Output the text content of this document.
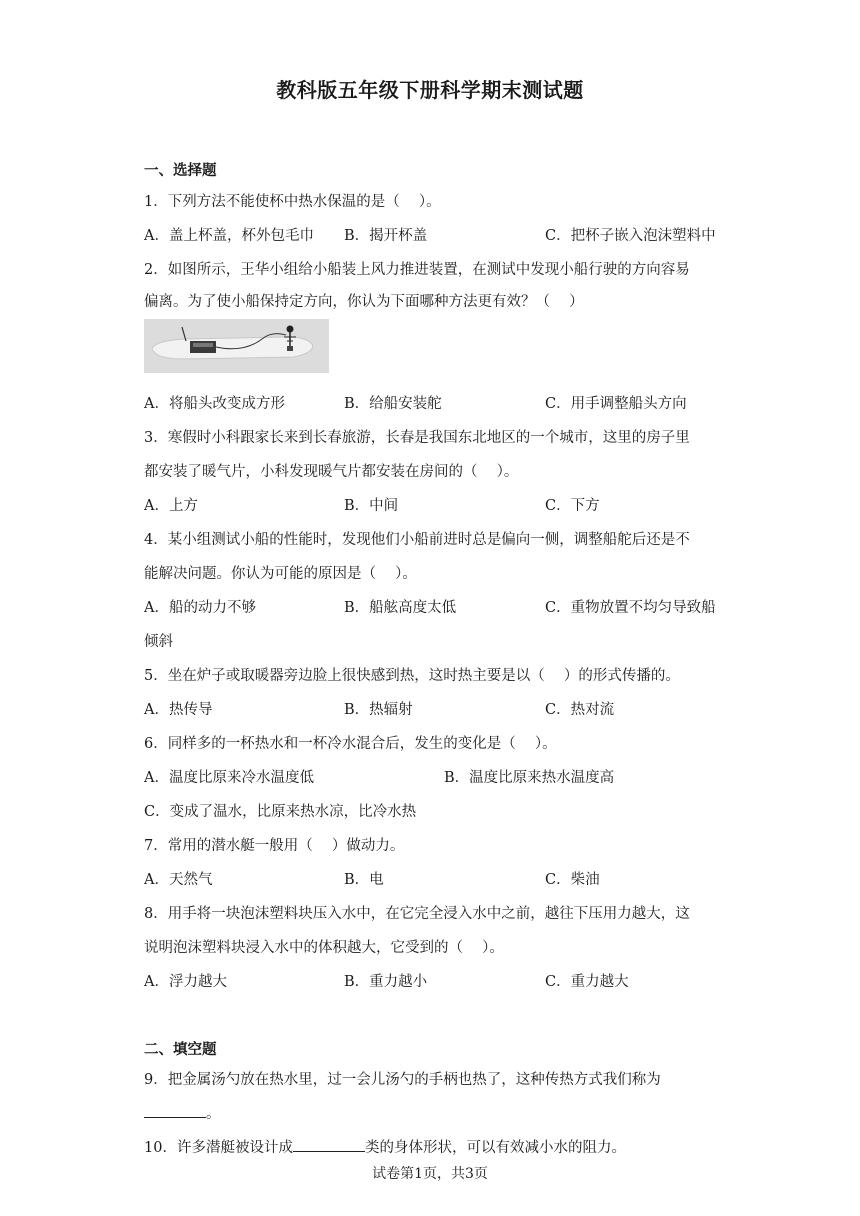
教科版五年级下册科学期末测试题
一、选择题
1．下列方法不能使杯中热水保温的是（　 ）。
A．盖上杯盖，杯外包毛巾 B．揭开杯盖	C．把杯子嵌入泡沫塑料中
2．如图所示，王华小组给小船装上风力推进装置，在测试中发现小船行驶的方向容易
偏离。为了使小船保持定方向，你认为下面哪种方法更有效？（　 ）
A．将船头改变成方形	B．给船安装舵	C．用手调整船头方向
3．寒假时小科跟家长来到长春旅游，长春是我国东北地区的一个城市，这里的房子里
都安装了暖气片，小科发现暖气片都安装在房间的（　 ）。
A．上方	B．中间	C．下方
4．某小组测试小船的性能时，发现他们小船前进时总是偏向一侧，调整船舵后还是不
能解决问题。你认为可能的原因是（　 ）。
A．船的动力不够	B．船舷高度太低	C．重物放置不均匀导致船
倾斜
5．坐在炉子或取暖器旁边脸上很快感到热，这时热主要是以（　 ）的形式传播的。
A．热传导	B．热辐射	C．热对流
6．同样多的一杯热水和一杯冷水混合后，发生的变化是（　 ）。
A．温度比原来冷水温度低	B．温度比原来热水温度高
C．变成了温水，比原来热水凉，比冷水热
7．常用的潜水艇一般用（　 ）做动力。
A．天然气	B．电	C．柴油
8．用手将一块泡沫塑料块压入水中，在它完全浸入水中之前，越往下压用力越大，这
说明泡沫塑料块浸入水中的体积越大，它受到的（　 ）。
A．浮力越大	B．重力越小	C．重力越大
二、填空题
9．把金属汤勺放在热水里，过一会儿汤勺的手柄也热了，这种传热方式我们称为
。
10．许多潜艇被设计成	类的身体形状，可以有效减小水的阻力。
试卷第1页，共3页
